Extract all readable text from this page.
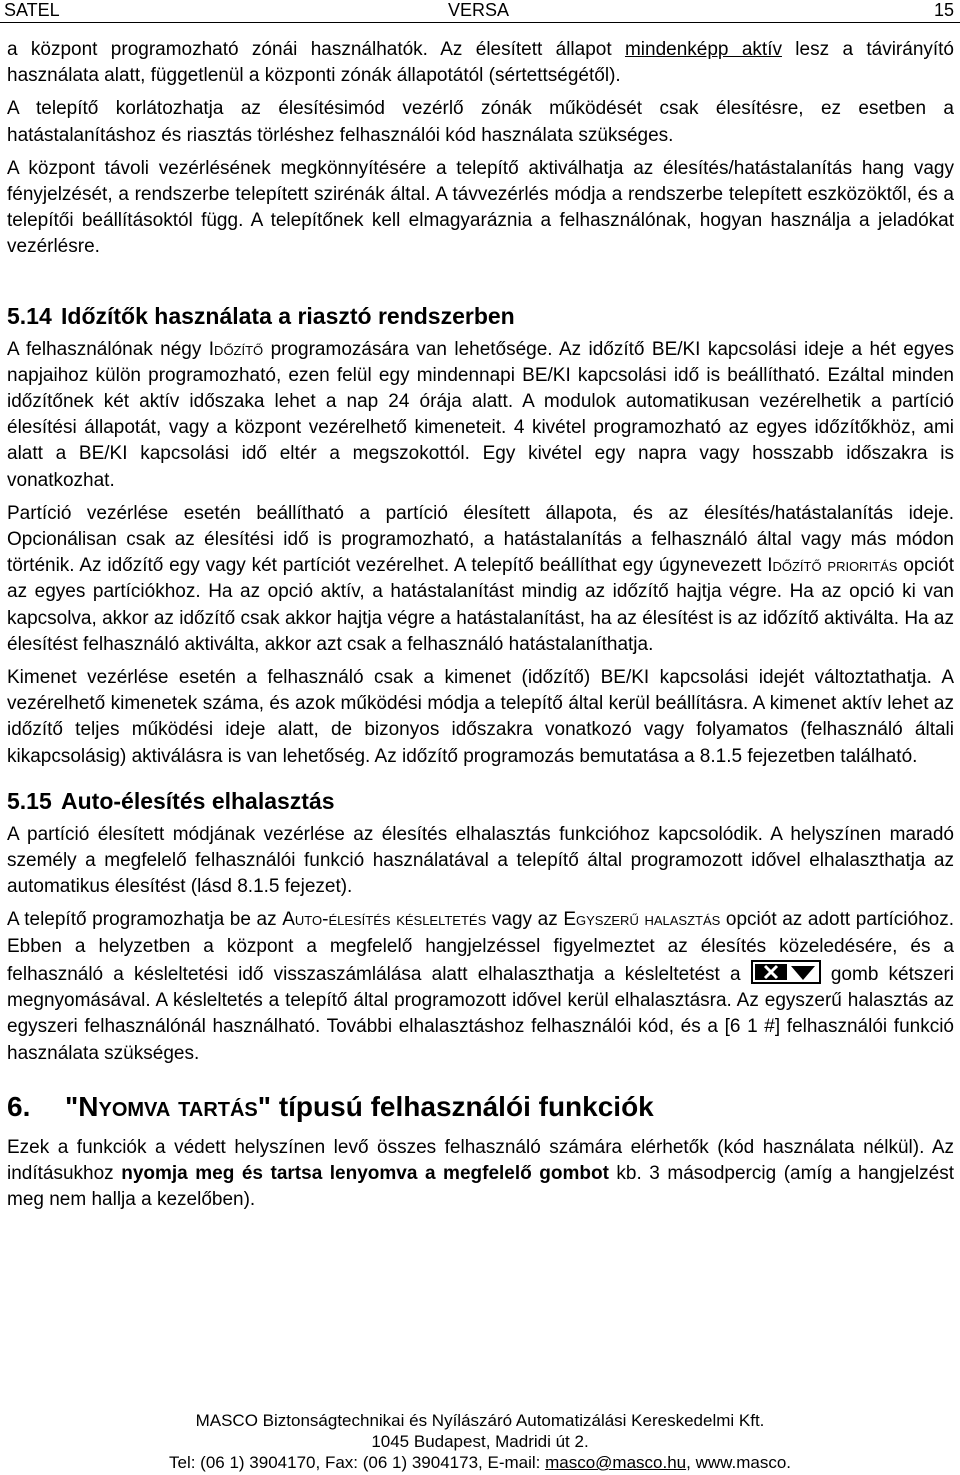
SATEL	VERSA	15

a központ programozható zónái használhatók. Az élesített állapot mindenképp aktív lesz a távirányító használata alatt, függetlenül a központi zónák állapotától (sértettségétől).

A telepítő korlátozhatja az élesítésimód vezérlő zónák működését csak élesítésre, ez esetben a hatástalanításhoz és riasztás törléshez felhasználói kód használata szükséges.

A központ távoli vezérlésének megkönnyítésére a telepítő aktiválhatja az élesítés/hatástalanítás hang vagy fényjelzését, a rendszerbe telepített szirénák által. A távvezérlés módja a rendszerbe telepített eszközöktől, és a telepítői beállításoktól függ. A telepítőnek kell elmagyaráznia a felhasználónak, hogyan használja a jeladókat vezérlésre.

5.14 Időzítők használata a riasztó rendszerben

A felhasználónak négy Időzítő programozására van lehetősége. Az időzítő BE/KI kapcsolási ideje a hét egyes napjaihoz külön programozható, ezen felül egy mindennapi BE/KI kapcsolási idő is beállítható. Ezáltal minden időzítőnek két aktív időszaka lehet a nap 24 órája alatt. A modulok automatikusan vezérelhetik a partíció élesítési állapotát, vagy a központ vezérelhető kimeneteit. 4 kivétel programozható az egyes időzítőkhöz, ami alatt a BE/KI kapcsolási idő eltér a megszokottól. Egy kivétel egy napra vagy hosszabb időszakra is vonatkozhat.

Partíció vezérlése esetén beállítható a partíció élesített állapota, és az élesítés/hatástalanítás ideje. Opcionálisan csak az élesítési idő is programozható, a hatástalanítás a felhasználó által vagy más módon történik. Az időzítő egy vagy két partíciót vezérelhet. A telepítő beállíthat egy úgynevezett Időzítő prioritás opciót az egyes partíciókhoz. Ha az opció aktív, a hatástalanítást mindig az időzítő hajtja végre. Ha az opció ki van kapcsolva, akkor az időzítő csak akkor hajtja végre a hatástalanítást, ha az élesítést is az időzítő aktiválta. Ha az élesítést felhasználó aktiválta, akkor azt csak a felhasználó hatástalaníthatja.

Kimenet vezérlése esetén a felhasználó csak a kimenet (időzítő) BE/KI kapcsolási idejét változtathatja. A vezérelhető kimenetek száma, és azok működési módja a telepítő által kerül beállításra. A kimenet aktív lehet az időzítő teljes működési ideje alatt, de bizonyos időszakra vonatkozó vagy folyamatos (felhasználó általi kikapcsolásig) aktiválásra is van lehetőség. Az időzítő programozás bemutatása a 8.1.5 fejezetben található.

5.15 Auto-élesítés elhalasztás

A partíció élesített módjának vezérlése az élesítés elhalasztás funkcióhoz kapcsolódik. A helyszínen maradó személy a megfelelő felhasználói funkció használatával a telepítő által programozott idővel elhalaszthatja az automatikus élesítést (lásd 8.1.5 fejezet).

A telepítő programozhatja be az Auto-élesítés késleltetés vagy az Egyszerű halasztás opciót az adott partícióhoz. Ebben a helyzetben a központ a megfelelő hangjelzéssel figyelmeztet az élesítés közeledésére, és a felhasználó a késleltetési idő visszaszámlálása alatt elhalaszthatja a késleltetést a	gomb kétszeri megnyomásával. A késleltetés a telepítő által programozott idővel kerül elhalasztásra. Az egyszerű halasztás az egyszeri felhasználónál használható. További elhalasztáshoz felhasználói kód, és a [6 1 #] felhasználói funkció használata szükséges.

6. "Nyomva tartás" típusú felhasználói funkciók

Ezek a funkciók a védett helyszínen levő összes felhasználó számára elérhetők (kód használata nélkül). Az indításukhoz nyomja meg és tartsa lenyomva a megfelelő gombot kb. 3 másodpercig (amíg a hangjelzést meg nem hallja a kezelőben).

MASCO Biztonságtechnikai és Nyílászáró Automatizálási Kereskedelmi Kft.
1045 Budapest, Madridi út 2.
Tel: (06 1) 3904170, Fax: (06 1) 3904173, E-mail: masco@masco.hu, www.masco.
